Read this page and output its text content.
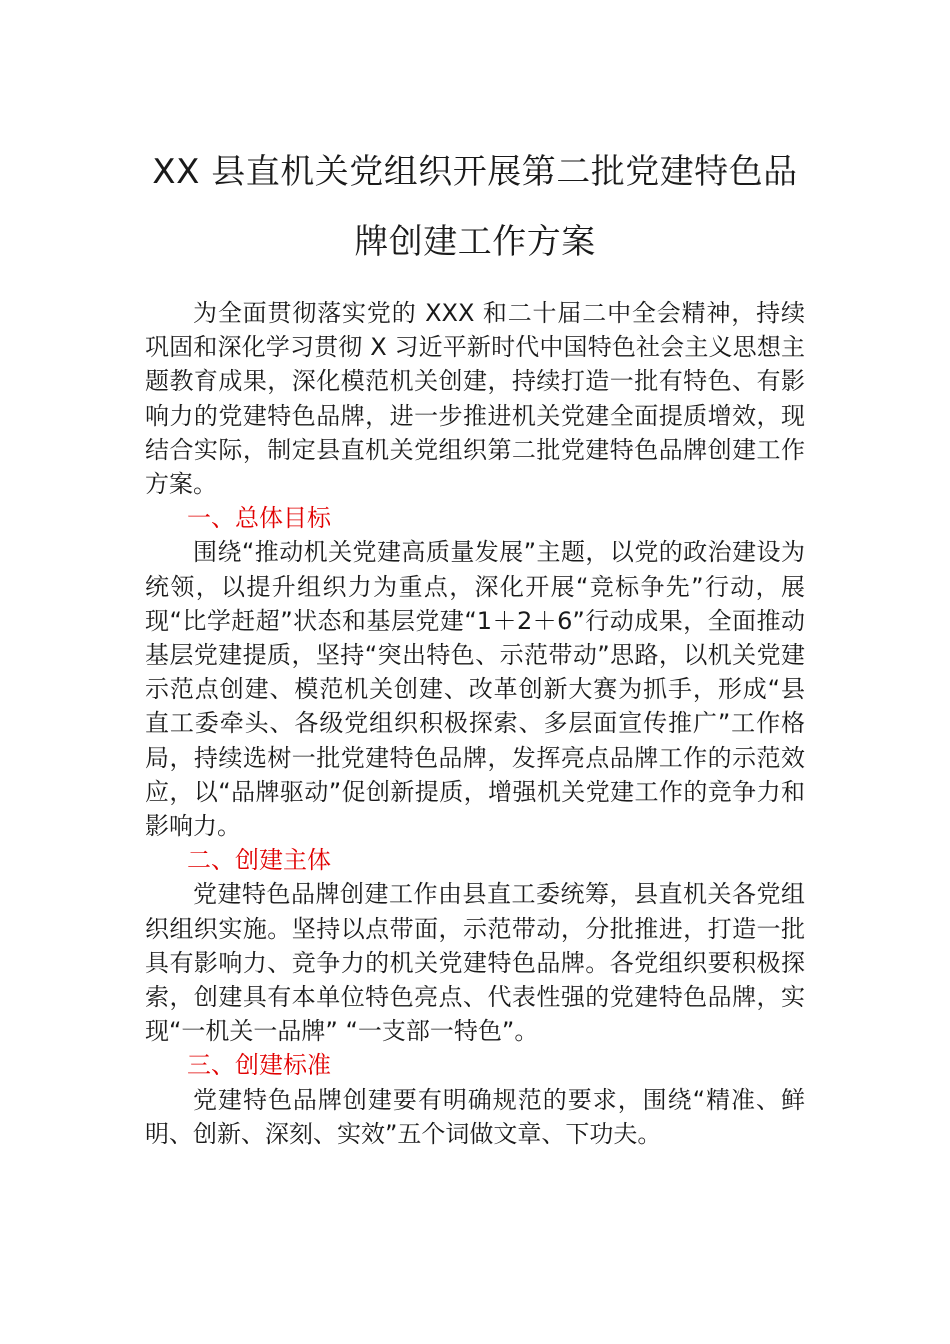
XX 县直机关党组织开展第二批党建特色品
牌创建工作方案

为全面贯彻落实党的 XXX 和二十届二中全会精神，持续巩固和深化学习贯彻 X 习近平新时代中国特色社会主义思想主题教育成果，深化模范机关创建，持续打造一批有特色、有影响力的党建特色品牌，进一步推进机关党建全面提质增效，现结合实际，制定县直机关党组织第二批党建特色品牌创建工作方案。

一、总体目标

围绕“推动机关党建高质量发展”主题，以党的政治建设为统领，以提升组织力为重点，深化开展“竞标争先”行动，展现“比学赶超”状态和基层党建“1＋2＋6”行动成果，全面推动基层党建提质，坚持“突出特色、示范带动”思路，以机关党建示范点创建、模范机关创建、改革创新大赛为抓手，形成“县直工委牵头、各级党组织积极探索、多层面宣传推广”工作格局，持续选树一批党建特色品牌，发挥亮点品牌工作的示范效应，以“品牌驱动”促创新提质，增强机关党建工作的竞争力和影响力。

二、创建主体

党建特色品牌创建工作由县直工委统筹，县直机关各党组织组织实施。坚持以点带面，示范带动，分批推进，打造一批具有影响力、竞争力的机关党建特色品牌。各党组织要积极探索，创建具有本单位特色亮点、代表性强的党建特色品牌，实现“一机关一品牌” “一支部一特色”。

三、创建标准

党建特色品牌创建要有明确规范的要求，围绕“精准、鲜明、创新、深刻、实效”五个词做文章、下功夫。
